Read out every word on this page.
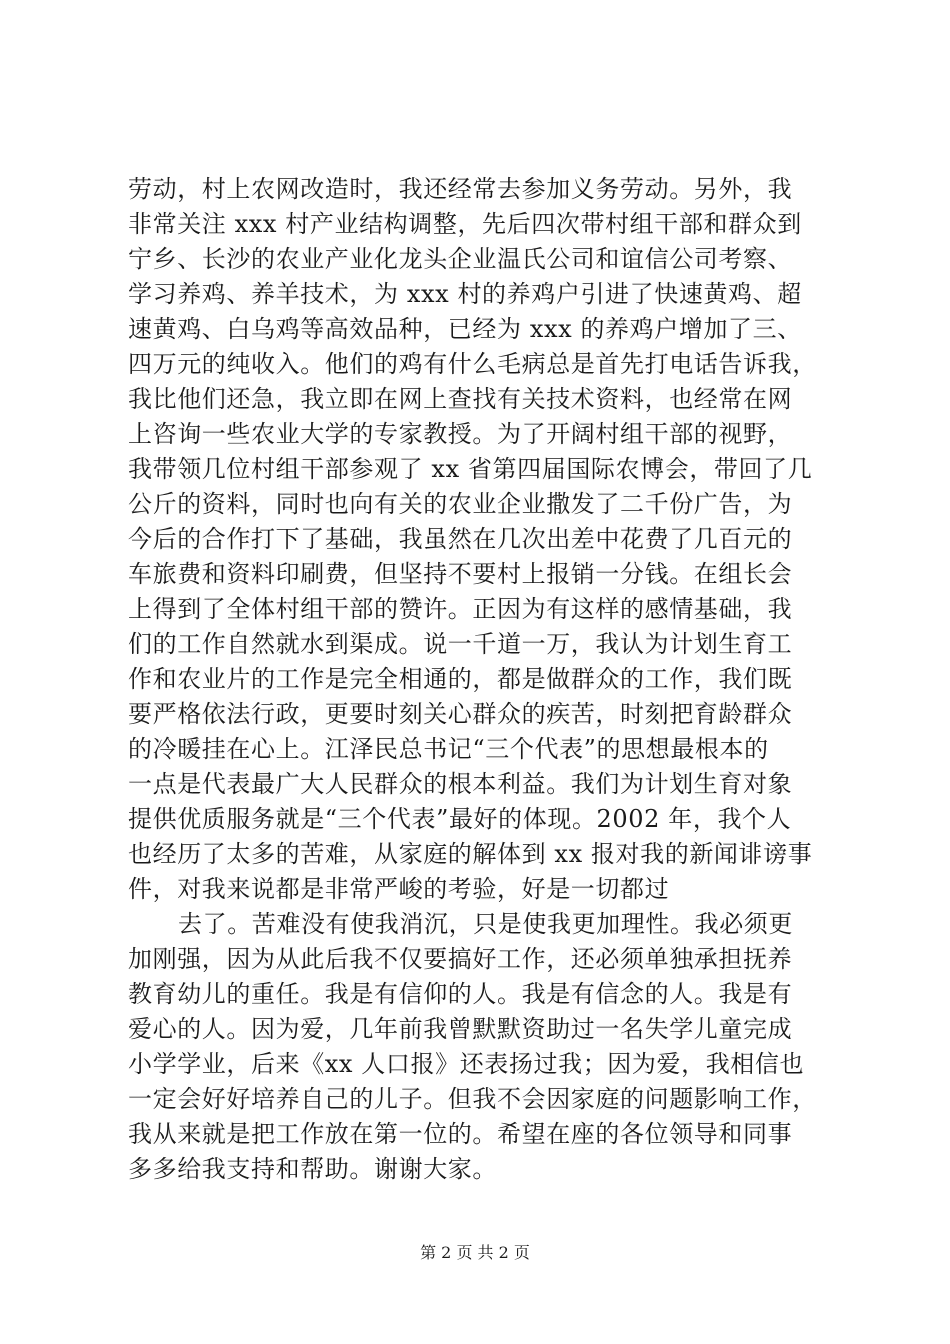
劳动，村上农网改造时，我还经常去参加义务劳动。另外，我
非常关注 xxx 村产业结构调整，先后四次带村组干部和群众到
宁乡、长沙的农业产业化龙头企业温氏公司和谊信公司考察、
学习养鸡、养羊技术，为 xxx 村的养鸡户引进了快速黄鸡、超
速黄鸡、白乌鸡等高效品种，已经为 xxx 的养鸡户增加了三、
四万元的纯收入。他们的鸡有什么毛病总是首先打电话告诉我，
我比他们还急，我立即在网上查找有关技术资料，也经常在网
上咨询一些农业大学的专家教授。为了开阔村组干部的视野，
我带领几位村组干部参观了 xx 省第四届国际农博会，带回了几
公斤的资料，同时也向有关的农业企业撒发了二千份广告，为
今后的合作打下了基础，我虽然在几次出差中花费了几百元的
车旅费和资料印刷费，但坚持不要村上报销一分钱。在组长会
上得到了全体村组干部的赞许。正因为有这样的感情基础，我
们的工作自然就水到渠成。说一千道一万，我认为计划生育工
作和农业片的工作是完全相通的，都是做群众的工作，我们既
要严格依法行政，更要时刻关心群众的疾苦，时刻把育龄群众
的冷暖挂在心上。江泽民总书记“三个代表”的思想最根本的
一点是代表最广大人民群众的根本利益。我们为计划生育对象
提供优质服务就是“三个代表”最好的体现。2002 年，我个人
也经历了太多的苦难，从家庭的解体到 xx 报对我的新闻诽谤事
件，对我来说都是非常严峻的考验，好是一切都过
去了。苦难没有使我消沉，只是使我更加理性。我必须更
加刚强，因为从此后我不仅要搞好工作，还必须单独承担抚养
教育幼儿的重任。我是有信仰的人。我是有信念的人。我是有
爱心的人。因为爱，几年前我曾默默资助过一名失学儿童完成
小学学业，后来《xx 人口报》还表扬过我；因为爱，我相信也
一定会好好培养自己的儿子。但我不会因家庭的问题影响工作，
我从来就是把工作放在第一位的。希望在座的各位领导和同事
多多给我支持和帮助。谢谢大家。
第 2 页 共 2 页
